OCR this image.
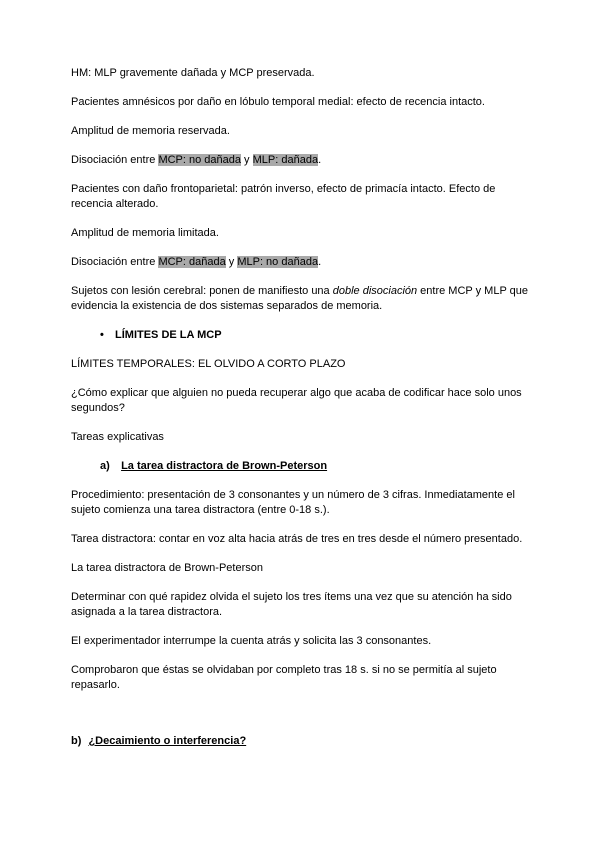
HM: MLP gravemente dañada y MCP preservada.

Pacientes amnésicos por daño en lóbulo temporal medial: efecto de recencia intacto.

Amplitud de memoria reservada.

Disociación entre MCP: no dañada y MLP: dañada.

Pacientes con daño frontoparietal: patrón inverso, efecto de primacía intacto. Efecto de recencia alterado.

Amplitud de memoria limitada.

Disociación entre MCP: dañada y MLP: no dañada.

Sujetos con lesión cerebral: ponen de manifiesto una doble disociación entre MCP y MLP que evidencia la existencia de dos sistemas separados de memoria.

• LÍMITES DE LA MCP

LÍMITES TEMPORALES: EL OLVIDO A CORTO PLAZO

¿Cómo explicar que alguien no pueda recuperar algo que acaba de codificar hace solo unos segundos?

Tareas explicativas

a) La tarea distractora de Brown-Peterson

Procedimiento: presentación de 3 consonantes y un número de 3 cifras. Inmediatamente el sujeto comienza una tarea distractora (entre 0-18 s.).

Tarea distractora: contar en voz alta hacia atrás de tres en tres desde el número presentado.

La tarea distractora de Brown-Peterson

Determinar con qué rapidez olvida el sujeto los tres ítems una vez que su atención ha sido asignada a la tarea distractora.

El experimentador interrumpe la cuenta atrás y solicita las 3 consonantes.

Comprobaron que éstas se olvidaban por completo tras 18 s. si no se permitía al sujeto repasarlo.

b) ¿Decaimiento o interferencia?
